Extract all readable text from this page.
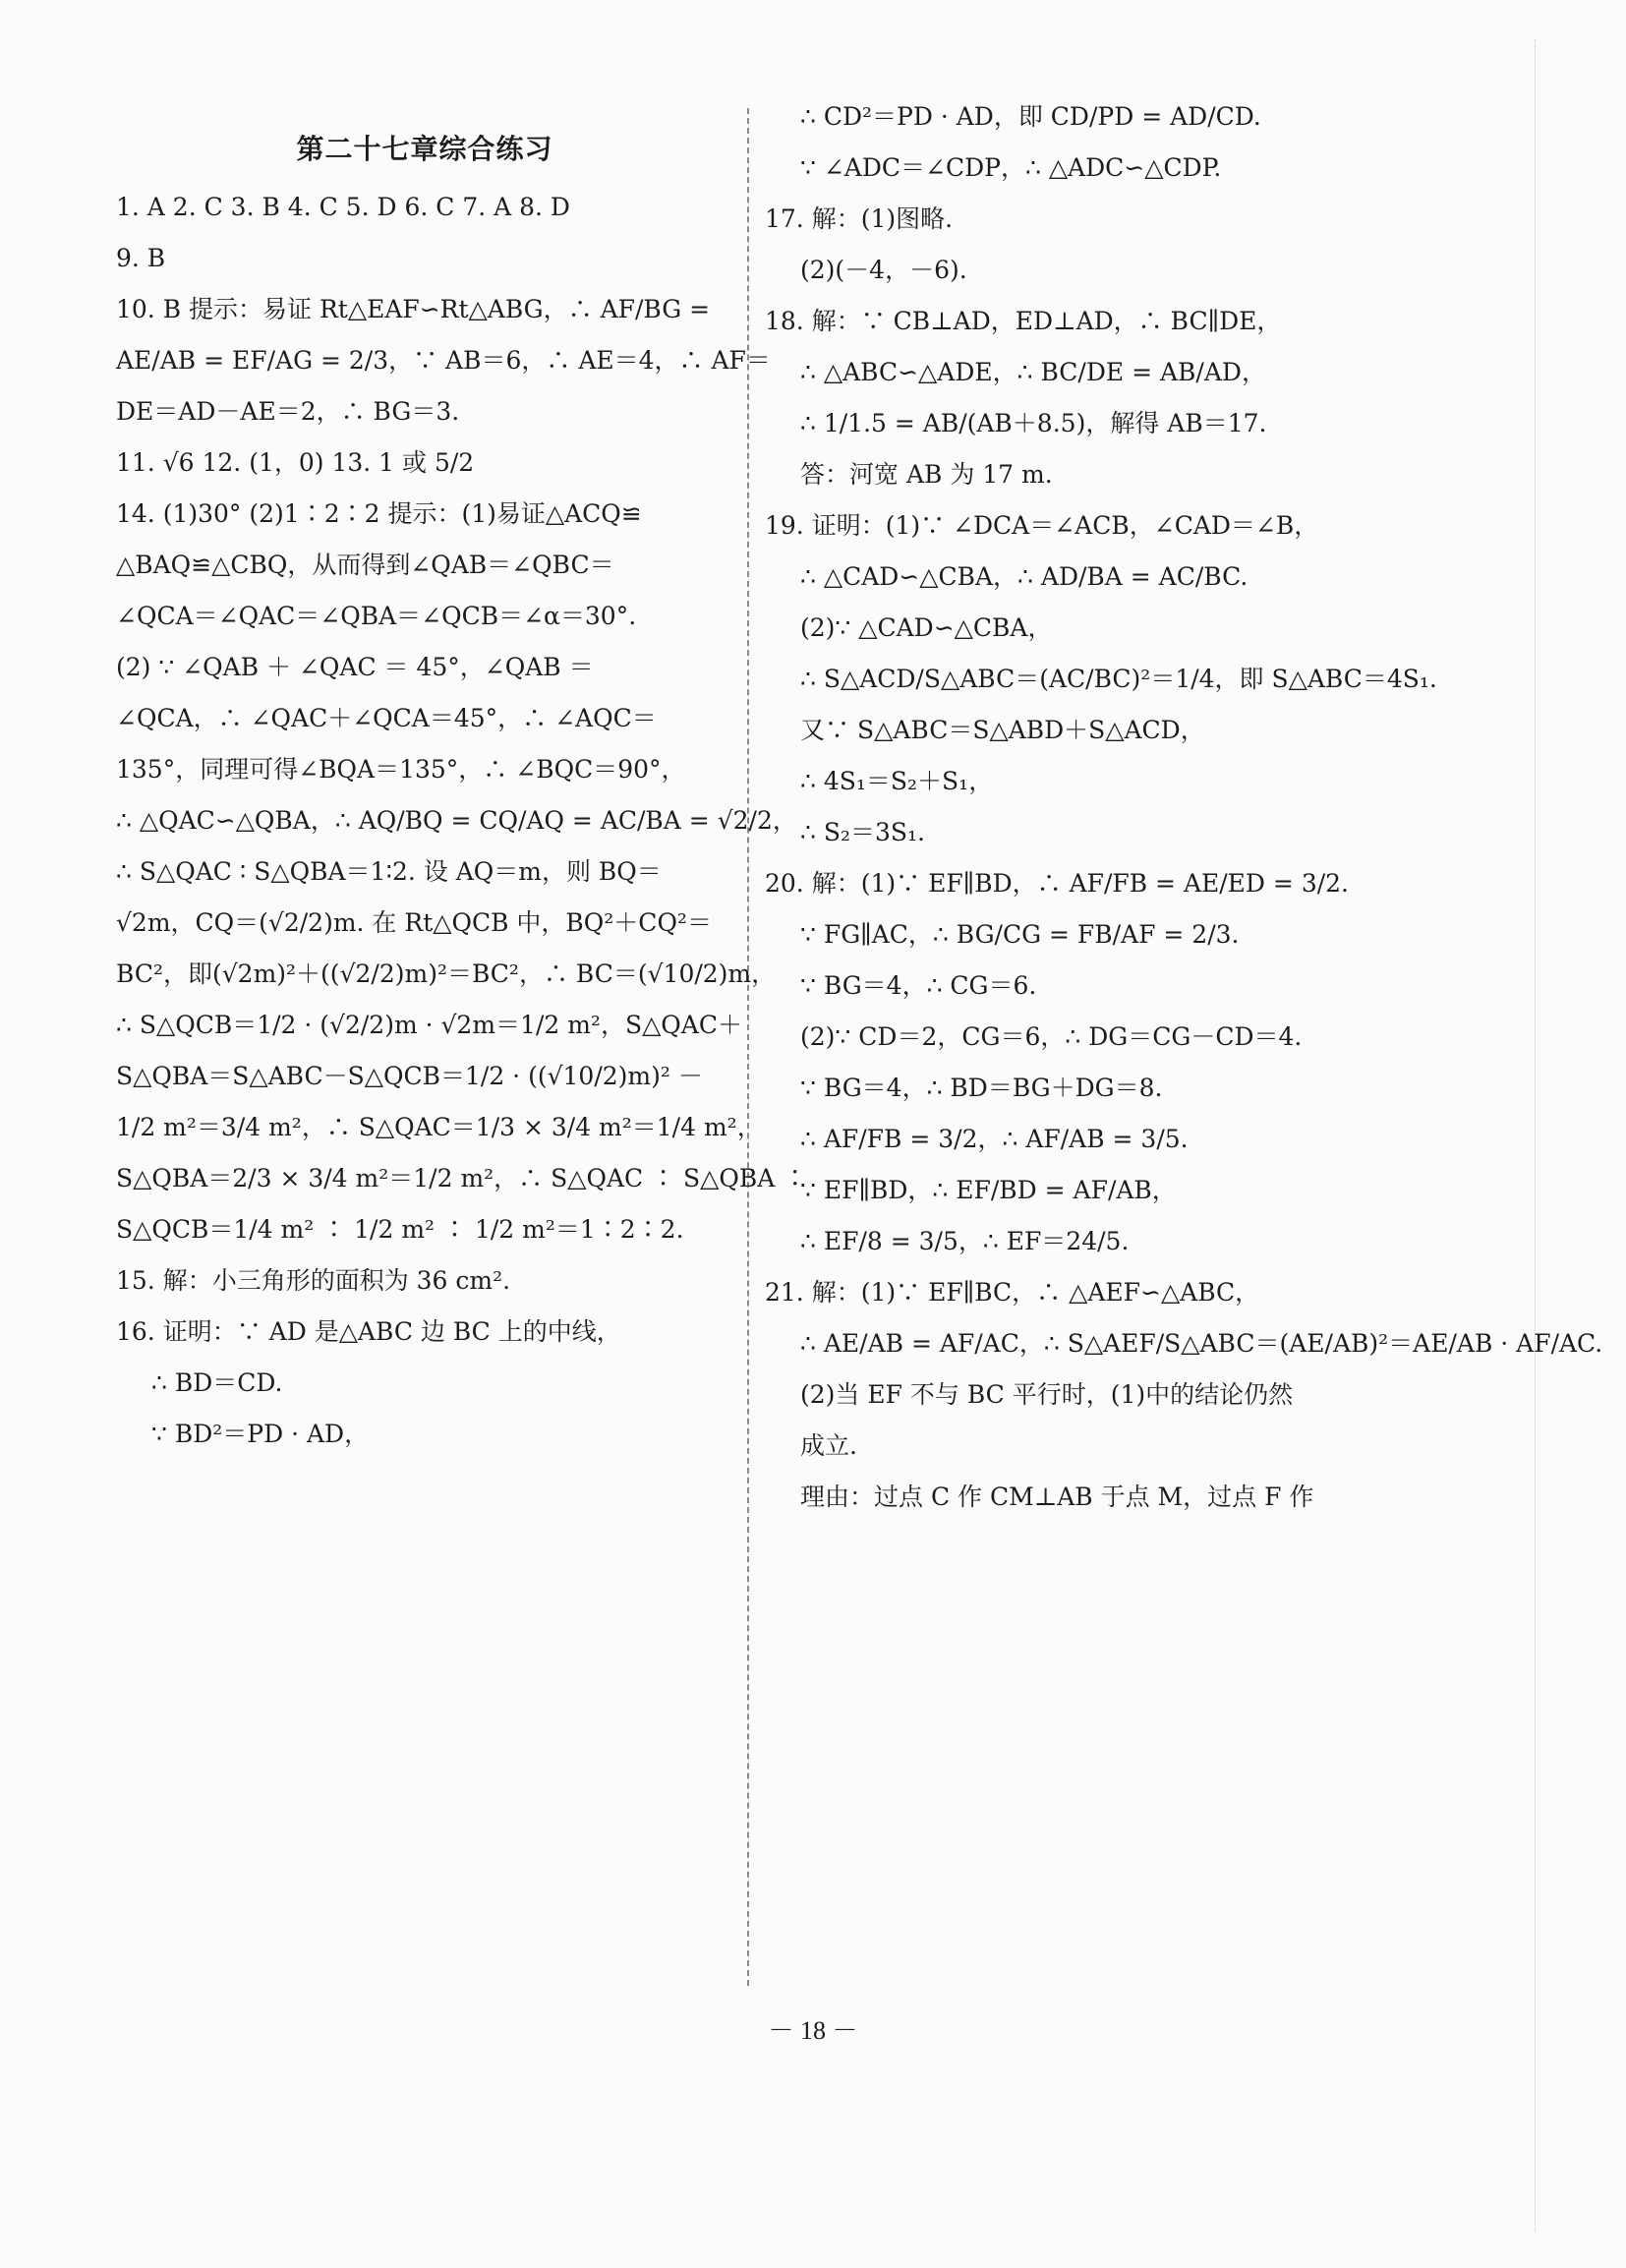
第二十七章综合练习
1. A 2. C 3. B 4. C 5. D 6. C 7. A 8. D
9. B
10. B 提示：易证 Rt△EAF∽Rt△ABG，∴ AF/BG =
AE/AB = EF/AG = 2/3，∵ AB＝6，∴ AE＝4，∴ AF＝
DE＝AD－AE＝2，∴ BG＝3.
11. √6 12. (1，0) 13. 1 或 5/2
14. (1)30° (2)1∶2∶2 提示：(1)易证△ACQ≌
△BAQ≌△CBQ，从而得到∠QAB＝∠QBC＝
∠QCA＝∠QAC＝∠QBA＝∠QCB＝∠α＝30°.
(2) ∵ ∠QAB ＋ ∠QAC ＝ 45°，∠QAB ＝
∠QCA，∴ ∠QAC＋∠QCA＝45°，∴ ∠AQC＝
135°，同理可得∠BQA＝135°，∴ ∠BQC＝90°，
∴ △QAC∽△QBA，∴ AQ/BQ = CQ/AQ = AC/BA = √2/2，
∴ S△QAC ∶ S△QBA＝1∶2. 设 AQ＝m，则 BQ＝
√2m，CQ＝(√2/2)m. 在 Rt△QCB 中，BQ²＋CQ²＝
BC²，即(√2m)²＋((√2/2)m)²＝BC²，∴ BC＝(√10/2)m，
∴ S△QCB＝1/2 · (√2/2)m · √2m＝1/2 m²，S△QAC＋
S△QBA＝S△ABC－S△QCB＝1/2 · ((√10/2)m)² －
1/2 m²＝3/4 m²，∴ S△QAC＝1/3 × 3/4 m²＝1/4 m²，
S△QBA＝2/3 × 3/4 m²＝1/2 m²，∴ S△QAC ∶ S△QBA ∶
S△QCB＝1/4 m² ∶ 1/2 m² ∶ 1/2 m²＝1∶2∶2.
15. 解：小三角形的面积为 36 cm².
16. 证明：∵ AD 是△ABC 边 BC 上的中线，
∴ BD＝CD.
∵ BD²＝PD · AD，
∴ CD²＝PD · AD，即 CD/PD = AD/CD.
∵ ∠ADC＝∠CDP，∴ △ADC∽△CDP.
17. 解：(1)图略.
(2)(－4，－6).
18. 解：∵ CB⊥AD，ED⊥AD，∴ BC∥DE，
∴ △ABC∽△ADE，∴ BC/DE = AB/AD，
∴ 1/1.5 = AB/(AB＋8.5)，解得 AB＝17.
答：河宽 AB 为 17 m.
19. 证明：(1)∵ ∠DCA＝∠ACB，∠CAD＝∠B，
∴ △CAD∽△CBA，∴ AD/BA = AC/BC.
(2)∵ △CAD∽△CBA，
∴ S△ACD/S△ABC＝(AC/BC)²＝1/4，即 S△ABC＝4S₁.
又∵ S△ABC＝S△ABD＋S△ACD，
∴ 4S₁＝S₂＋S₁，
∴ S₂＝3S₁.
20. 解：(1)∵ EF∥BD，∴ AF/FB = AE/ED = 3/2.
∵ FG∥AC，∴ BG/CG = FB/AF = 2/3.
∵ BG＝4，∴ CG＝6.
(2)∵ CD＝2，CG＝6，∴ DG＝CG－CD＝4.
∵ BG＝4，∴ BD＝BG＋DG＝8.
∴ AF/FB = 3/2，∴ AF/AB = 3/5.
∵ EF∥BD，∴ EF/BD = AF/AB，
∴ EF/8 = 3/5，∴ EF＝24/5.
21. 解：(1)∵ EF∥BC，∴ △AEF∽△ABC，
∴ AE/AB = AF/AC，∴ S△AEF/S△ABC＝(AE/AB)²＝AE/AB · AF/AC.
(2)当 EF 不与 BC 平行时，(1)中的结论仍然
成立.
理由：过点 C 作 CM⊥AB 于点 M，过点 F 作
－ 18 －
